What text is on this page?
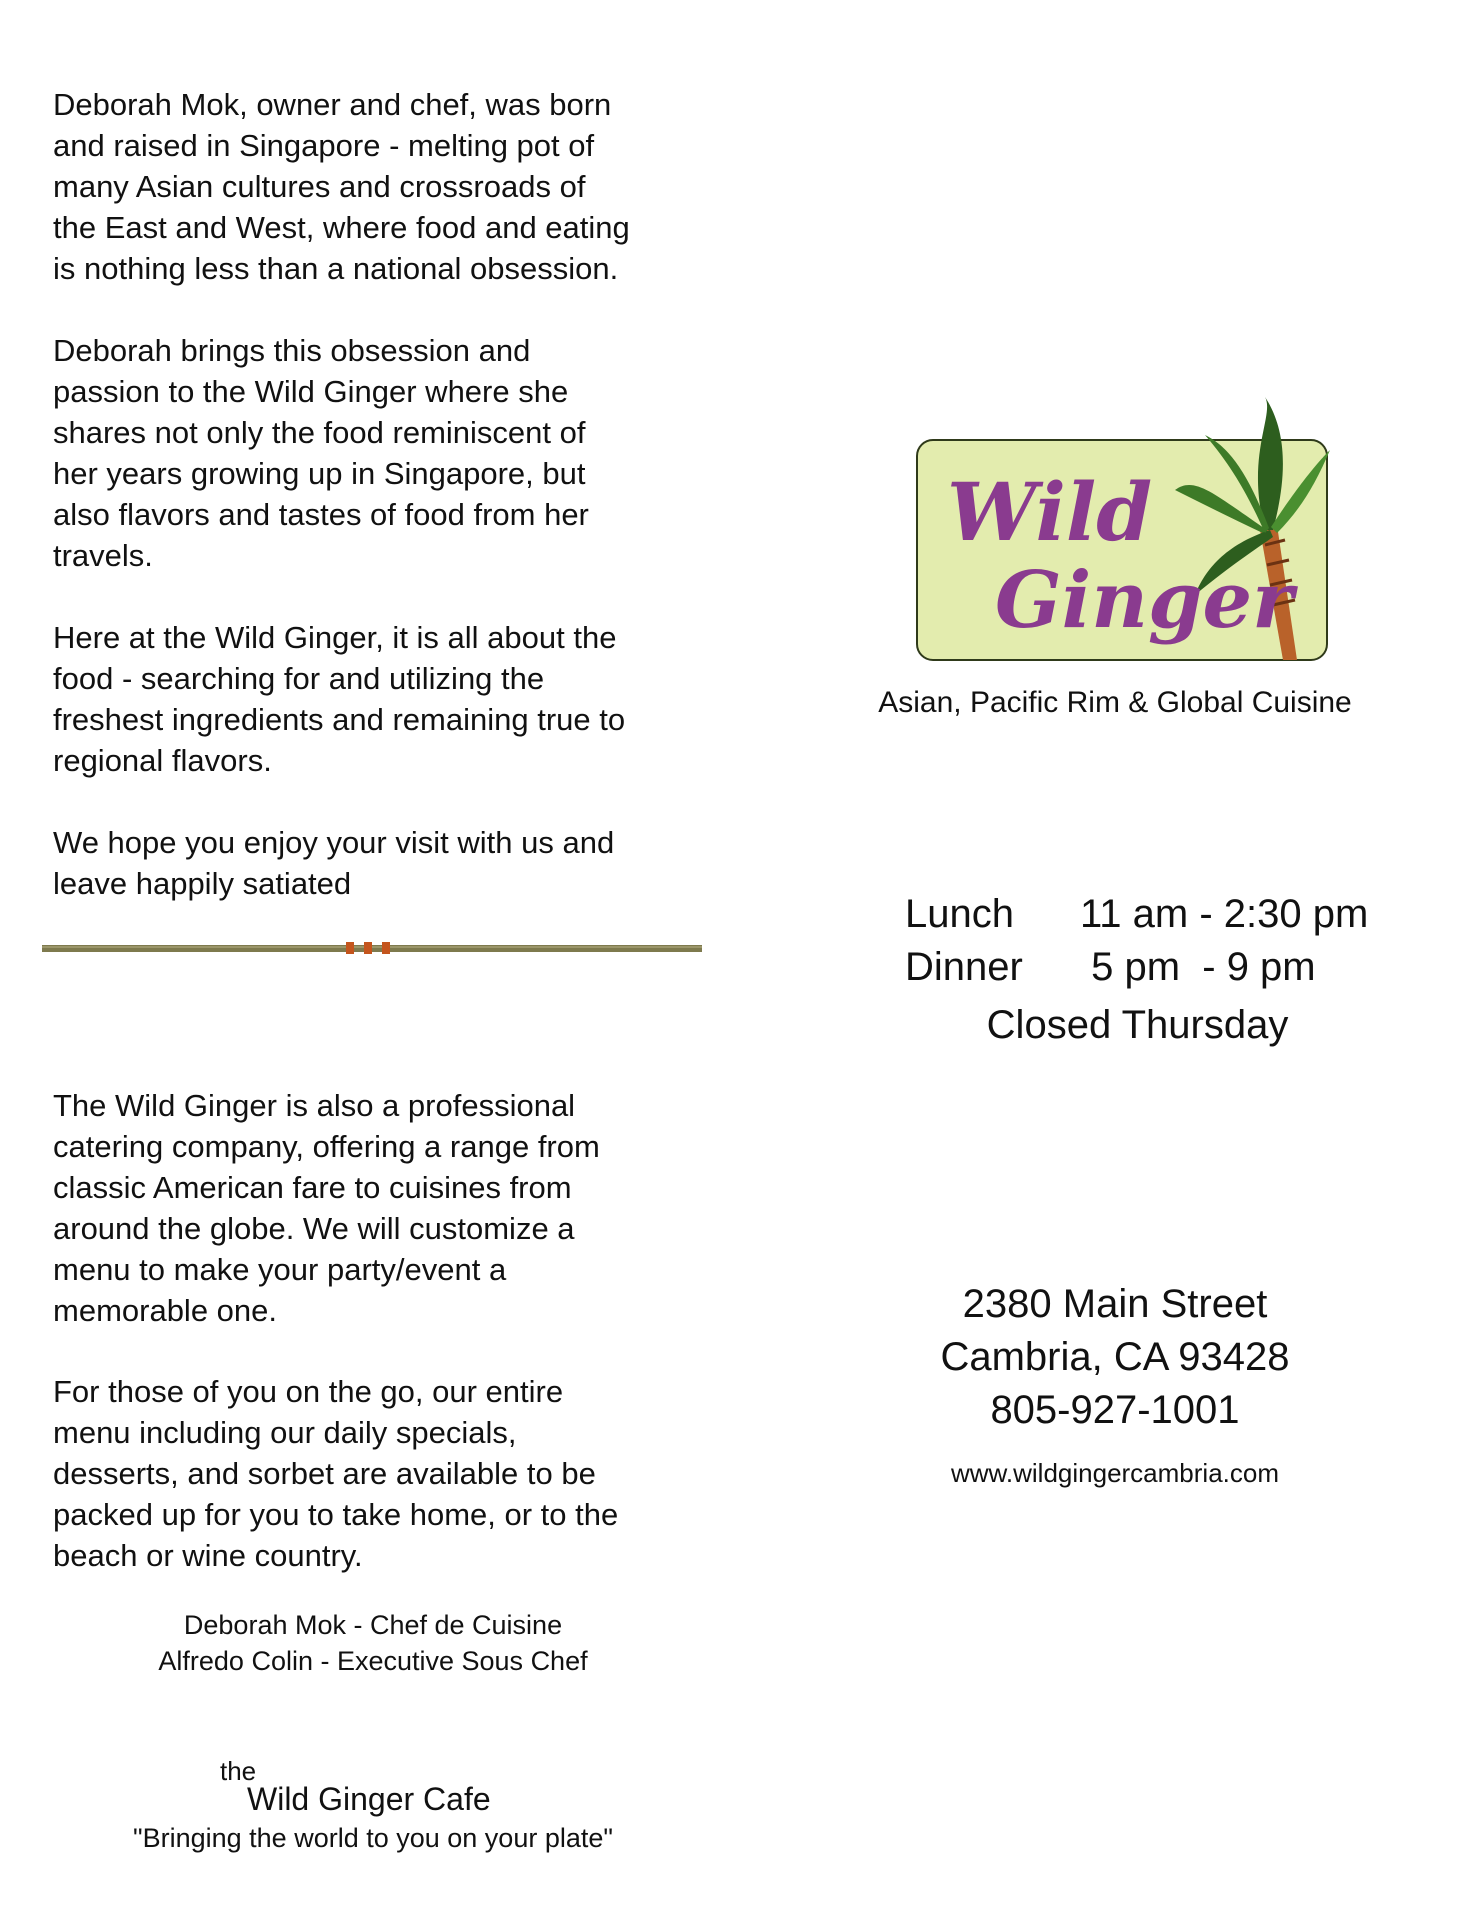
Deborah Mok, owner and chef, was born
and raised in Singapore - melting pot of
many Asian cultures and crossroads of
the East and West, where food and eating
is nothing less than a national obsession.

Deborah brings this obsession and
passion to the Wild Ginger where she
shares not only the food reminiscent of
her years growing up in Singapore, but
also flavors and tastes of food from her
travels.

Here at the Wild Ginger, it is all about the
food - searching for and utilizing the
freshest ingredients and remaining true to
regional flavors.

We hope you enjoy your visit with us and
leave happily satiated

The Wild Ginger is also a professional
catering company, offering a range from
classic American fare to cuisines from
around the globe. We will customize a
menu to make your party/event a
memorable one.

For those of you on the go, our entire
menu including our daily specials,
desserts, and sorbet are available to be
packed up for you to take home, or to the
beach or wine country.

Deborah Mok - Chef de Cuisine
Alfredo Colin - Executive Sous Chef
the
Wild Ginger Cafe
"Bringing the world to you on your plate"
Wild
Ginger
Asian, Pacific Rim & Global Cuisine
Lunch	11 am - 2:30 pm
Dinner	5 pm  - 9 pm
Closed Thursday
2380 Main Street
Cambria, CA 93428
805-927-1001
www.wildgingercambria.com
